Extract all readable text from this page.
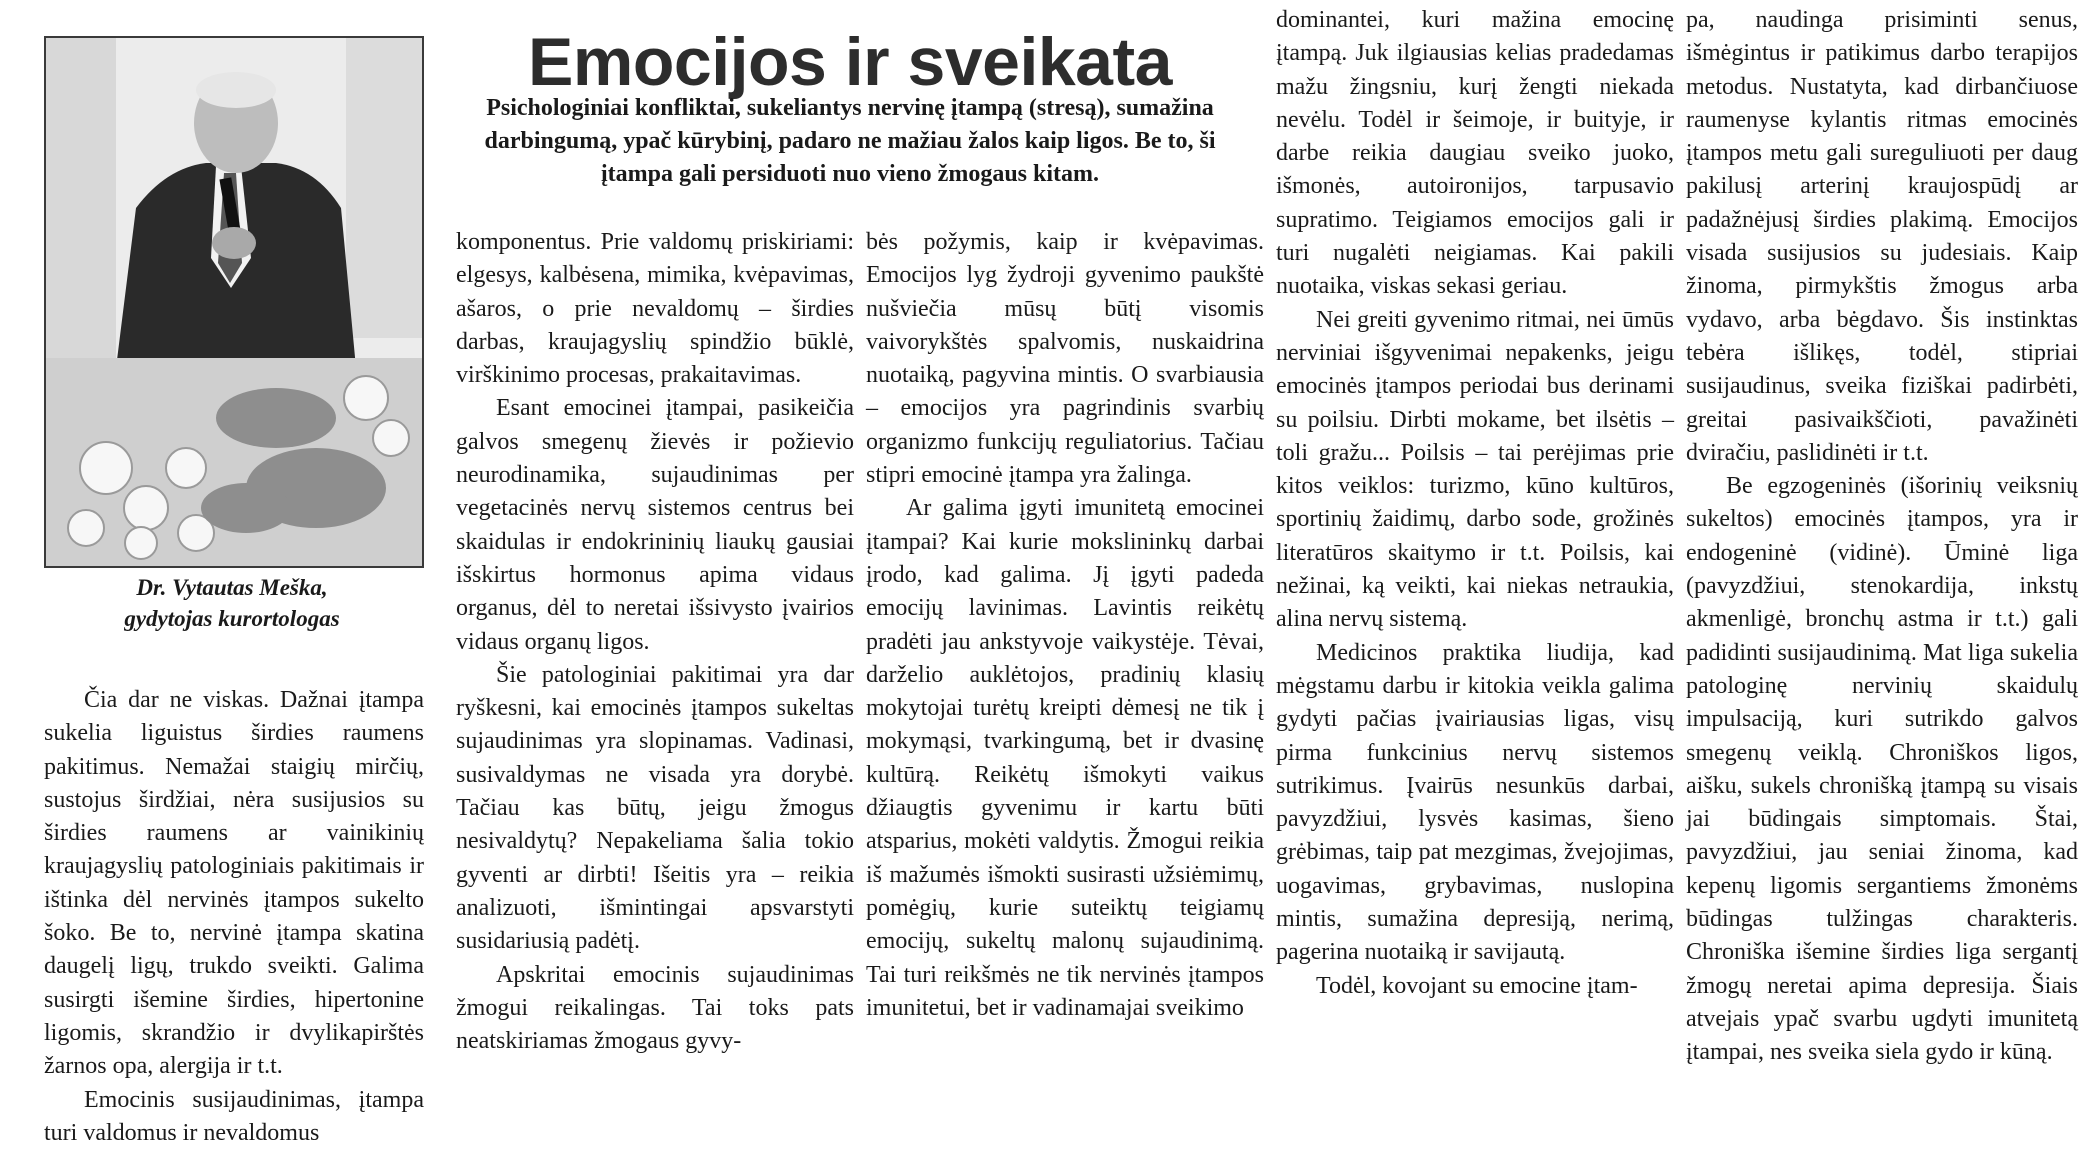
Dr. Vytautas Meška,
gydytojas kurortologas
Emocijos ir sveikata
Psichologiniai konfliktai, sukeliantys nervinę įtampą (stresą), sumažina darbingumą, ypač kūrybinį, padaro ne mažiau žalos kaip ligos. Be to, ši įtampa gali persiduoti nuo vieno žmogaus kitam.

Čia dar ne viskas. Dažnai įtampa sukelia liguistus širdies raumens pakitimus. Nemažai staigių mirčių, sustojus širdžiai, nėra susijusios su širdies raumens ar vainikinių kraujagyslių patologiniais pakitimais ir ištinka dėl nervinės įtampos sukelto šoko. Be to, nervinė įtampa skatina daugelį ligų, trukdo sveikti. Galima susirgti išemine širdies, hipertonine ligomis, skrandžio ir dvylikapirštės žarnos opa, alergija ir t.t.

Emocinis susijaudinimas, įtampa turi valdomus ir nevaldomus

komponentus. Prie valdomų priskiriami: elgesys, kalbėsena, mimika, kvėpavimas, ašaros, o prie nevaldomų – širdies darbas, kraujagyslių spindžio būklė, virškinimo procesas, prakaitavimas.

Esant emocinei įtampai, pasikeičia galvos smegenų žievės ir požievio neurodinamika, sujaudinimas per vegetacinės nervų sistemos centrus bei skaidulas ir endokrininių liaukų gausiai išskirtus hormonus apima vidaus organus, dėl to neretai išsivysto įvairios vidaus organų ligos.

Šie patologiniai pakitimai yra dar ryškesni, kai emocinės įtampos sukeltas sujaudinimas yra slopinamas. Vadinasi, susivaldymas ne visada yra dorybė. Tačiau kas būtų, jeigu žmogus nesivaldytų? Nepakeliama šalia tokio gyventi ar dirbti! Išeitis yra – reikia analizuoti, išmintingai apsvarstyti susidariusią padėtį.

Apskritai emocinis sujaudinimas žmogui reikalingas. Tai toks pats neatskiriamas žmogaus gyvy-

bės požymis, kaip ir kvėpavimas. Emocijos lyg žydroji gyvenimo paukštė nušviečia mūsų būtį visomis vaivorykštės spalvomis, nuskaidrina nuotaiką, pagyvina mintis. O svarbiausia – emocijos yra pagrindinis svarbių organizmo funkcijų reguliatorius. Tačiau stipri emocinė įtampa yra žalinga.

Ar galima įgyti imunitetą emocinei įtampai? Kai kurie mokslininkų darbai įrodo, kad galima. Jį įgyti padeda emocijų lavinimas. Lavintis reikėtų pradėti jau ankstyvoje vaikystėje. Tėvai, darželio auklėtojos, pradinių klasių mokytojai turėtų kreipti dėmesį ne tik į mokymąsi, tvarkingumą, bet ir dvasinę kultūrą. Reikėtų išmokyti vaikus džiaugtis gyvenimu ir kartu būti atsparius, mokėti valdytis. Žmogui reikia iš mažumės išmokti susirasti užsiėmimų, pomėgių, kurie suteiktų teigiamų emocijų, sukeltų malonų sujaudinimą. Tai turi reikšmės ne tik nervinės įtampos imunitetui, bet ir vadinamajai sveikimo

dominantei, kuri mažina emocinę įtampą. Juk ilgiausias kelias pradedamas mažu žingsniu, kurį žengti niekada nevėlu. Todėl ir šeimoje, ir buityje, ir darbe reikia daugiau sveiko juoko, išmonės, autoironijos, tarpusavio supratimo. Teigiamos emocijos gali ir turi nugalėti neigiamas. Kai pakili nuotaika, viskas sekasi geriau.

Nei greiti gyvenimo ritmai, nei ūmūs nerviniai išgyvenimai nepakenks, jeigu emocinės įtampos periodai bus derinami su poilsiu. Dirbti mokame, bet ilsėtis – toli gražu... Poilsis – tai perėjimas prie kitos veiklos: turizmo, kūno kultūros, sportinių žaidimų, darbo sode, grožinės literatūros skaitymo ir t.t. Poilsis, kai nežinai, ką veikti, kai niekas netraukia, alina nervų sistemą.

Medicinos praktika liudija, kad mėgstamu darbu ir kitokia veikla galima gydyti pačias įvairiausias ligas, visų pirma funkcinius nervų sistemos sutrikimus. Įvairūs nesunkūs darbai, pavyzdžiui, lysvės kasimas, šieno grėbimas, taip pat mezgimas, žvejojimas, uogavimas, grybavimas, nuslopina mintis, sumažina depresiją, nerimą, pagerina nuotaiką ir savijautą.

Todėl, kovojant su emocine įtam-

pa, naudinga prisiminti senus, išmėgintus ir patikimus darbo terapijos metodus. Nustatyta, kad dirbančiuose raumenyse kylantis ritmas emocinės įtampos metu gali sureguliuoti per daug pakilusį arterinį kraujospūdį ar padažnėjusį širdies plakimą. Emocijos visada susijusios su judesiais. Kaip žinoma, pirmykštis žmogus arba vydavo, arba bėgdavo. Šis instinktas tebėra išlikęs, todėl, stipriai susijaudinus, sveika fiziškai padirbėti, greitai pasivaikščioti, pavažinėti dviračiu, paslidinėti ir t.t.

Be egzogeninės (išorinių veiksnių sukeltos) emocinės įtampos, yra ir endogeninė (vidinė). Ūminė liga (pavyzdžiui, stenokardija, inkstų akmenligė, bronchų astma ir t.t.) gali padidinti susijaudinimą. Mat liga sukelia patologinę nervinių skaidulų impulsaciją, kuri sutrikdo galvos smegenų veiklą. Chroniškos ligos, aišku, sukels chronišką įtampą su visais jai būdingais simptomais. Štai, pavyzdžiui, jau seniai žinoma, kad kepenų ligomis sergantiems žmonėms būdingas tulžingas charakteris. Chroniška išemine širdies liga sergantį žmogų neretai apima depresija. Šiais atvejais ypač svarbu ugdyti imunitetą įtampai, nes sveika siela gydo ir kūną.
